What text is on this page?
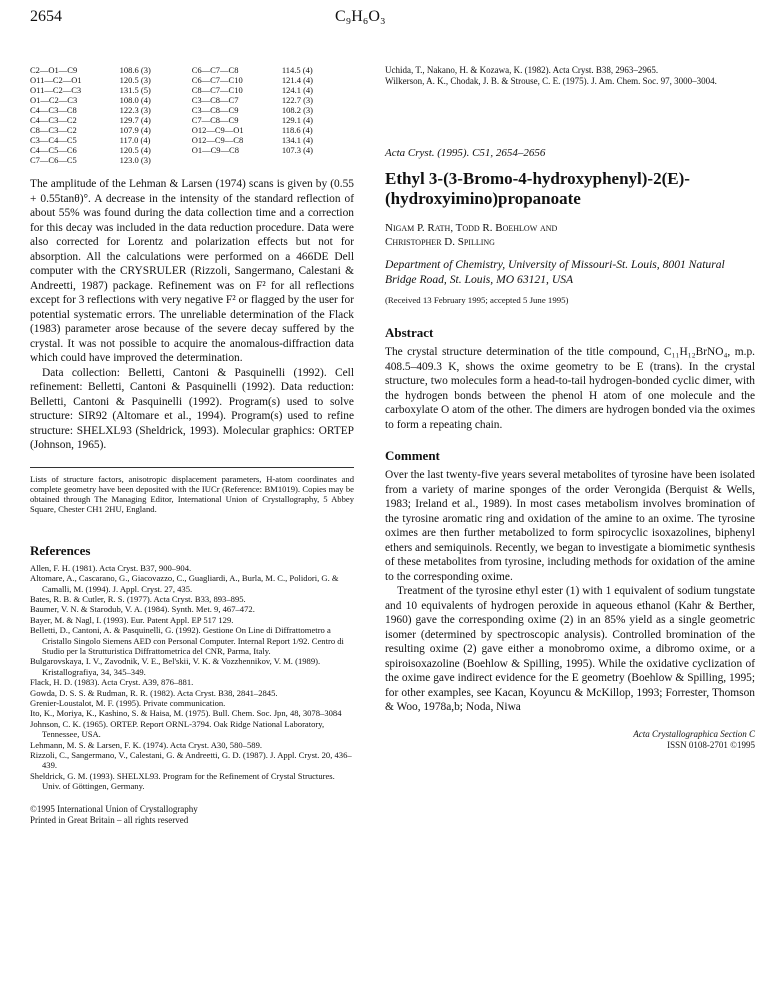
2654	C₉H₆O₃
C2—O1—C9	108.6 (3)	C6—C7—C8	114.5 (4)
O11—C2—O1	120.5 (3)	C6—C7—C10	121.4 (4)
O11—C2—C3	131.5 (5)	C8—C7—C10	124.1 (4)
O1—C2—C3	108.0 (4)	C3—C8—C7	122.7 (3)
C4—C3—C8	122.3 (3)	C3—C8—C9	108.2 (3)
C4—C3—C2	129.7 (4)	C7—C8—C9	129.1 (4)
C8—C3—C2	107.9 (4)	O12—C9—O1	118.6 (4)
C3—C4—C5	117.0 (4)	O12—C9—C8	134.1 (4)
C4—C5—C6	120.5 (4)	O1—C9—C8	107.3 (4)
C7—C6—C5	123.0 (3)		

The amplitude of the Lehman & Larsen (1974) scans is given by (0.55 + 0.55tanθ)°. A decrease in the intensity of the standard reflection of about 55% was found during the data collection time and a correction for this decay was included in the data reduction procedure. Data were also corrected for Lorentz and polarization effects but not for absorption. All the calculations were performed on a 466DE Dell computer with the CRYSRULER (Rizzoli, Sangermano, Calestani & Andreetti, 1987) package. Refinement was on F² for all reflections except for 3 reflections with very negative F² or flagged by the user for potential systematic errors. The unreliable determination of the Flack (1983) parameter arose because of the severe decay suffered by the crystal. It was not possible to acquire the anomalous-diffraction data which could have improved the determination.

Data collection: Belletti, Cantoni & Pasquinelli (1992). Cell refinement: Belletti, Cantoni & Pasquinelli (1992). Data reduction: Belletti, Cantoni & Pasquinelli (1992). Program(s) used to solve structure: SIR92 (Altomare et al., 1994). Program(s) used to refine structure: SHELXL93 (Sheldrick, 1993). Molecular graphics: ORTEP (Johnson, 1965).

Lists of structure factors, anisotropic displacement parameters, H-atom coordinates and complete geometry have been deposited with the IUCr (Reference: BM1019). Copies may be obtained through The Managing Editor, International Union of Crystallography, 5 Abbey Square, Chester CH1 2HU, England.

References

Allen, F. H. (1981). Acta Cryst. B37, 900–904.

Altomare, A., Cascarano, G., Giacovazzo, C., Guagliardi, A., Burla, M. C., Polidori, G. & Camalli, M. (1994). J. Appl. Cryst. 27, 435.

Bates, R. B. & Cutler, R. S. (1977). Acta Cryst. B33, 893–895.

Baumer, V. N. & Starodub, V. A. (1984). Synth. Met. 9, 467–472.

Bayer, M. & Nagl, I. (1993). Eur. Patent Appl. EP 517 129.

Belletti, D., Cantoni, A. & Pasquinelli, G. (1992). Gestione On Line di Diffrattometro a Cristallo Singolo Siemens AED con Personal Computer. Internal Report 1/92. Centro di Studio per la Strutturistica Diffrattometrica del CNR, Parma, Italy.

Bulgarovskaya, I. V., Zavodnik, V. E., Bel'skii, V. K. & Vozzhennikov, V. M. (1989). Kristallografiya, 34, 345–349.

Flack, H. D. (1983). Acta Cryst. A39, 876–881.

Gowda, D. S. S. & Rudman, R. R. (1982). Acta Cryst. B38, 2841–2845.

Grenier-Loustalot, M. F. (1995). Private communication.

Ito, K., Moriya, K., Kashino, S. & Haisa, M. (1975). Bull. Chem. Soc. Jpn, 48, 3078–3084

Johnson, C. K. (1965). ORTEP. Report ORNL-3794. Oak Ridge National Laboratory, Tennessee, USA.

Lehmann, M. S. & Larsen, F. K. (1974). Acta Cryst. A30, 580–589.

Rizzoli, C., Sangermano, V., Calestani, G. & Andreetti, G. D. (1987). J. Appl. Cryst. 20, 436–439.

Sheldrick, G. M. (1993). SHELXL93. Program for the Refinement of Crystal Structures. Univ. of Göttingen, Germany.

©1995 International Union of Crystallography
Printed in Great Britain – all rights reserved

Uchida, T., Nakano, H. & Kozawa, K. (1982). Acta Cryst. B38, 2963–2965.

Wilkerson, A. K., Chodak, J. B. & Strouse, C. E. (1975). J. Am. Chem. Soc. 97, 3000–3004.

Acta Cryst. (1995). C51, 2654–2656
Ethyl 3-(3-Bromo-4-hydroxyphenyl)-2(E)-(hydroxyimino)propanoate

Nigam P. Rath, Todd R. Boehlow and

Christopher D. Spilling

Department of Chemistry, University of Missouri-St. Louis, 8001 Natural Bridge Road, St. Louis, MO 63121, USA

(Received 13 February 1995; accepted 5 June 1995)

Abstract

The crystal structure determination of the title compound, C₁₁H₁₂BrNO₄, m.p. 408.5–409.3 K, shows the oxime geometry to be E (trans). In the crystal structure, two molecules form a head-to-tail hydrogen-bonded cyclic dimer, with the hydrogen bonds between the phenol H atom of one molecule and the carboxylate O atom of the other. The dimers are hydrogen bonded via the oximes to form a repeating chain.

Comment

Over the last twenty-five years several metabolites of tyrosine have been isolated from a variety of marine sponges of the order Verongida (Berquist & Wells, 1983; Ireland et al., 1989). In most cases metabolism involves bromination of the tyrosine aromatic ring and oxidation of the amine to an oxime. The tyrosine oximes are then further metabolized to form spirocyclic isoxazolines, biphenyl ethers and semiquinols. Recently, we began to investigate a biomimetic synthesis of these metabolites from tyrosine, including methods for oxidation of the amine to the corresponding oxime.

Treatment of the tyrosine ethyl ester (1) with 1 equivalent of sodium tungstate and 10 equivalents of hydrogen peroxide in aqueous ethanol (Kahr & Berther, 1960) gave the corresponding oxime (2) in an 85% yield as a single geometric isomer (determined by spectroscopic analysis). Controlled bromination of the resulting oxime (2) gave either a monobromo oxime, a dibromo oxime, or a spiroisoxazoline (Boehlow & Spilling, 1995). While the oxidative cyclization of the oxime gave indirect evidence for the E geometry (Boehlow & Spilling, 1995; for other examples, see Kacan, Koyuncu & McKillop, 1993; Forrester, Thomson & Woo, 1978a,b; Noda, Niwa

Acta Crystallographica Section C
ISSN 0108-2701 ©1995
